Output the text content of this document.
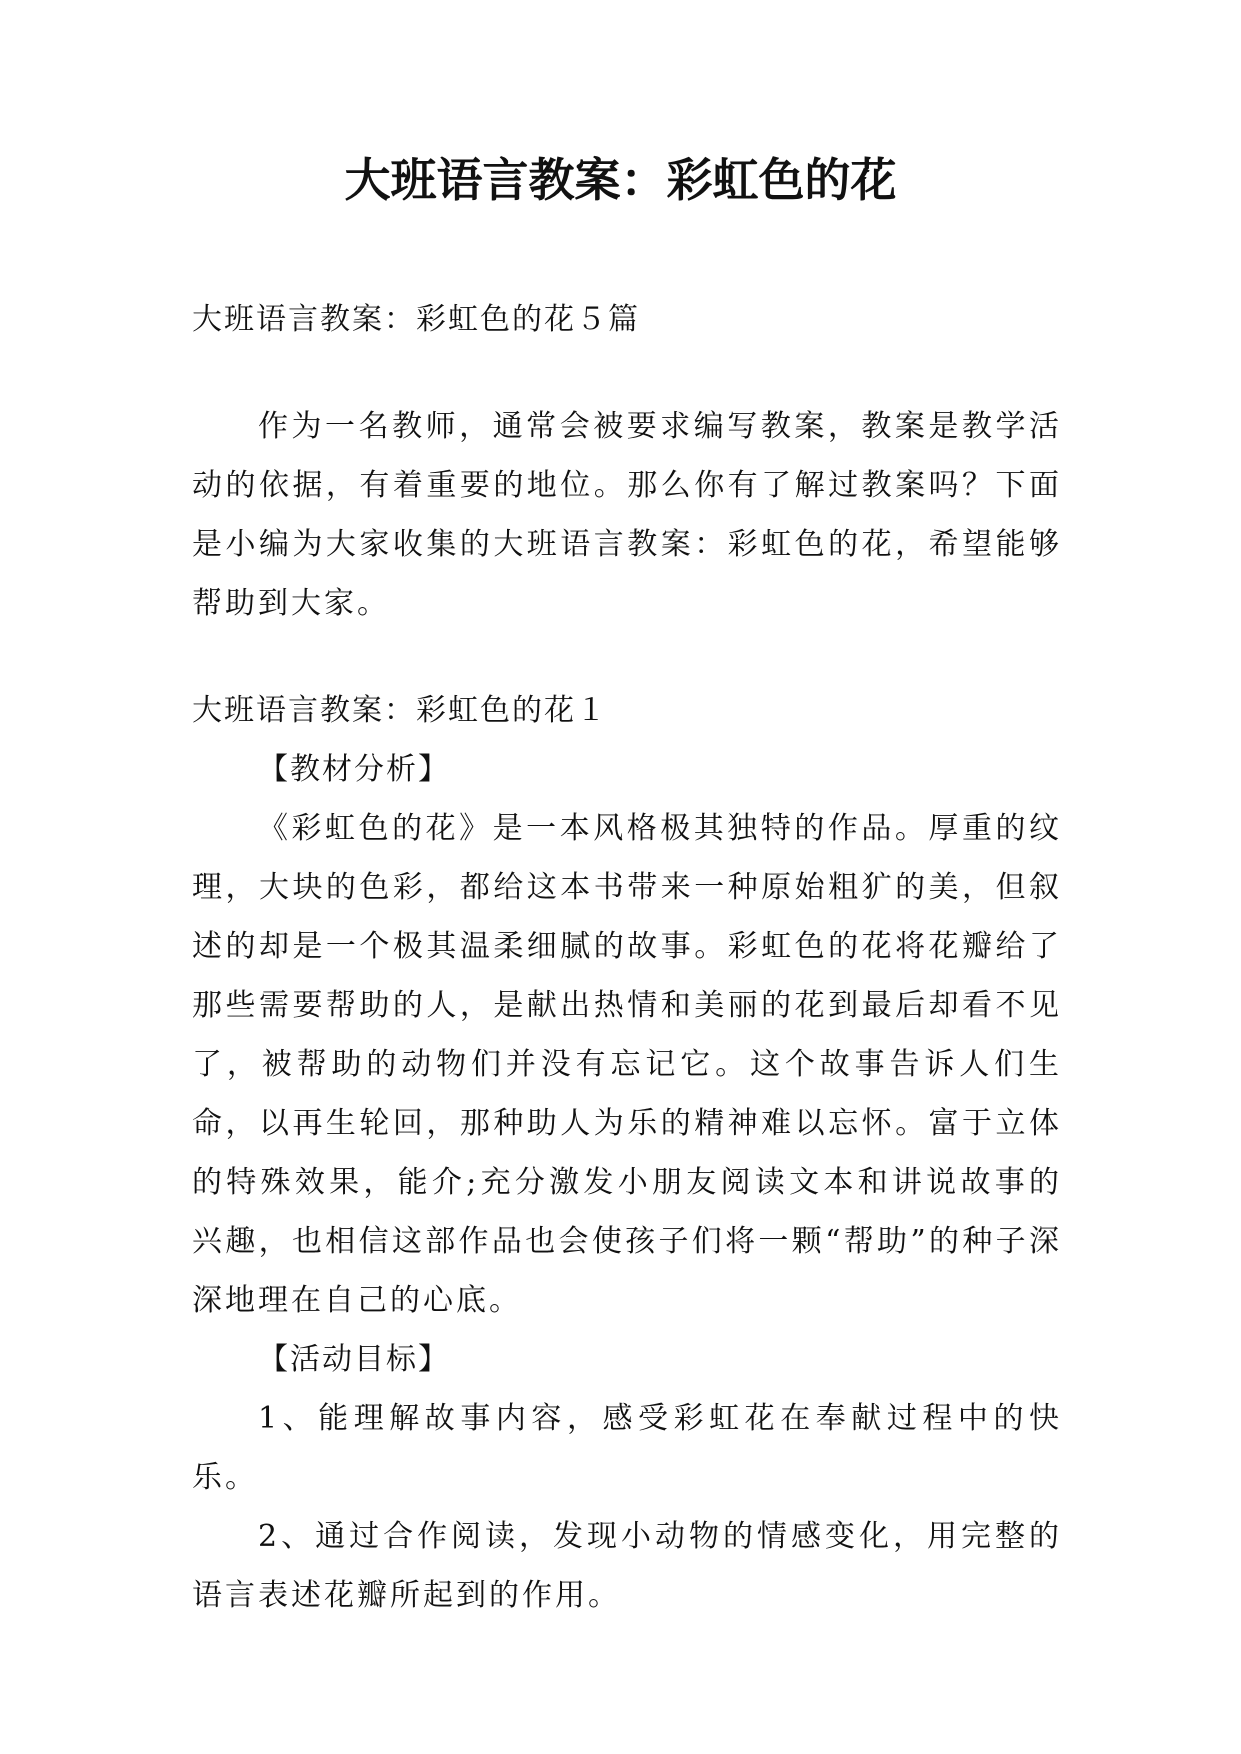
大班语言教案：彩虹色的花

大班语言教案：彩虹色的花５篇

作为一名教师，通常会被要求编写教案，教案是教学活动的依据，有着重要的地位。那么你有了解过教案吗？下面是小编为大家收集的大班语言教案：彩虹色的花，希望能够帮助到大家。

大班语言教案：彩虹色的花１

【教材分析】

《彩虹色的花》是一本风格极其独特的作品。厚重的纹理，大块的色彩，都给这本书带来一种原始粗犷的美，但叙述的却是一个极其温柔细腻的故事。彩虹色的花将花瓣给了那些需要帮助的人，是献出热情和美丽的花到最后却看不见了，被帮助的动物们并没有忘记它。这个故事告诉人们生命，以再生轮回，那种助人为乐的精神难以忘怀。富于立体的特殊效果，能介;充分激发小朋友阅读文本和讲说故事的兴趣，也相信这部作品也会使孩子们将一颗“帮助”的种子深深地理在自己的心底。

【活动目标】

1、能理解故事内容，感受彩虹花在奉献过程中的快乐。

2、通过合作阅读，发现小动物的情感变化，用完整的语言表述花瓣所起到的作用。
